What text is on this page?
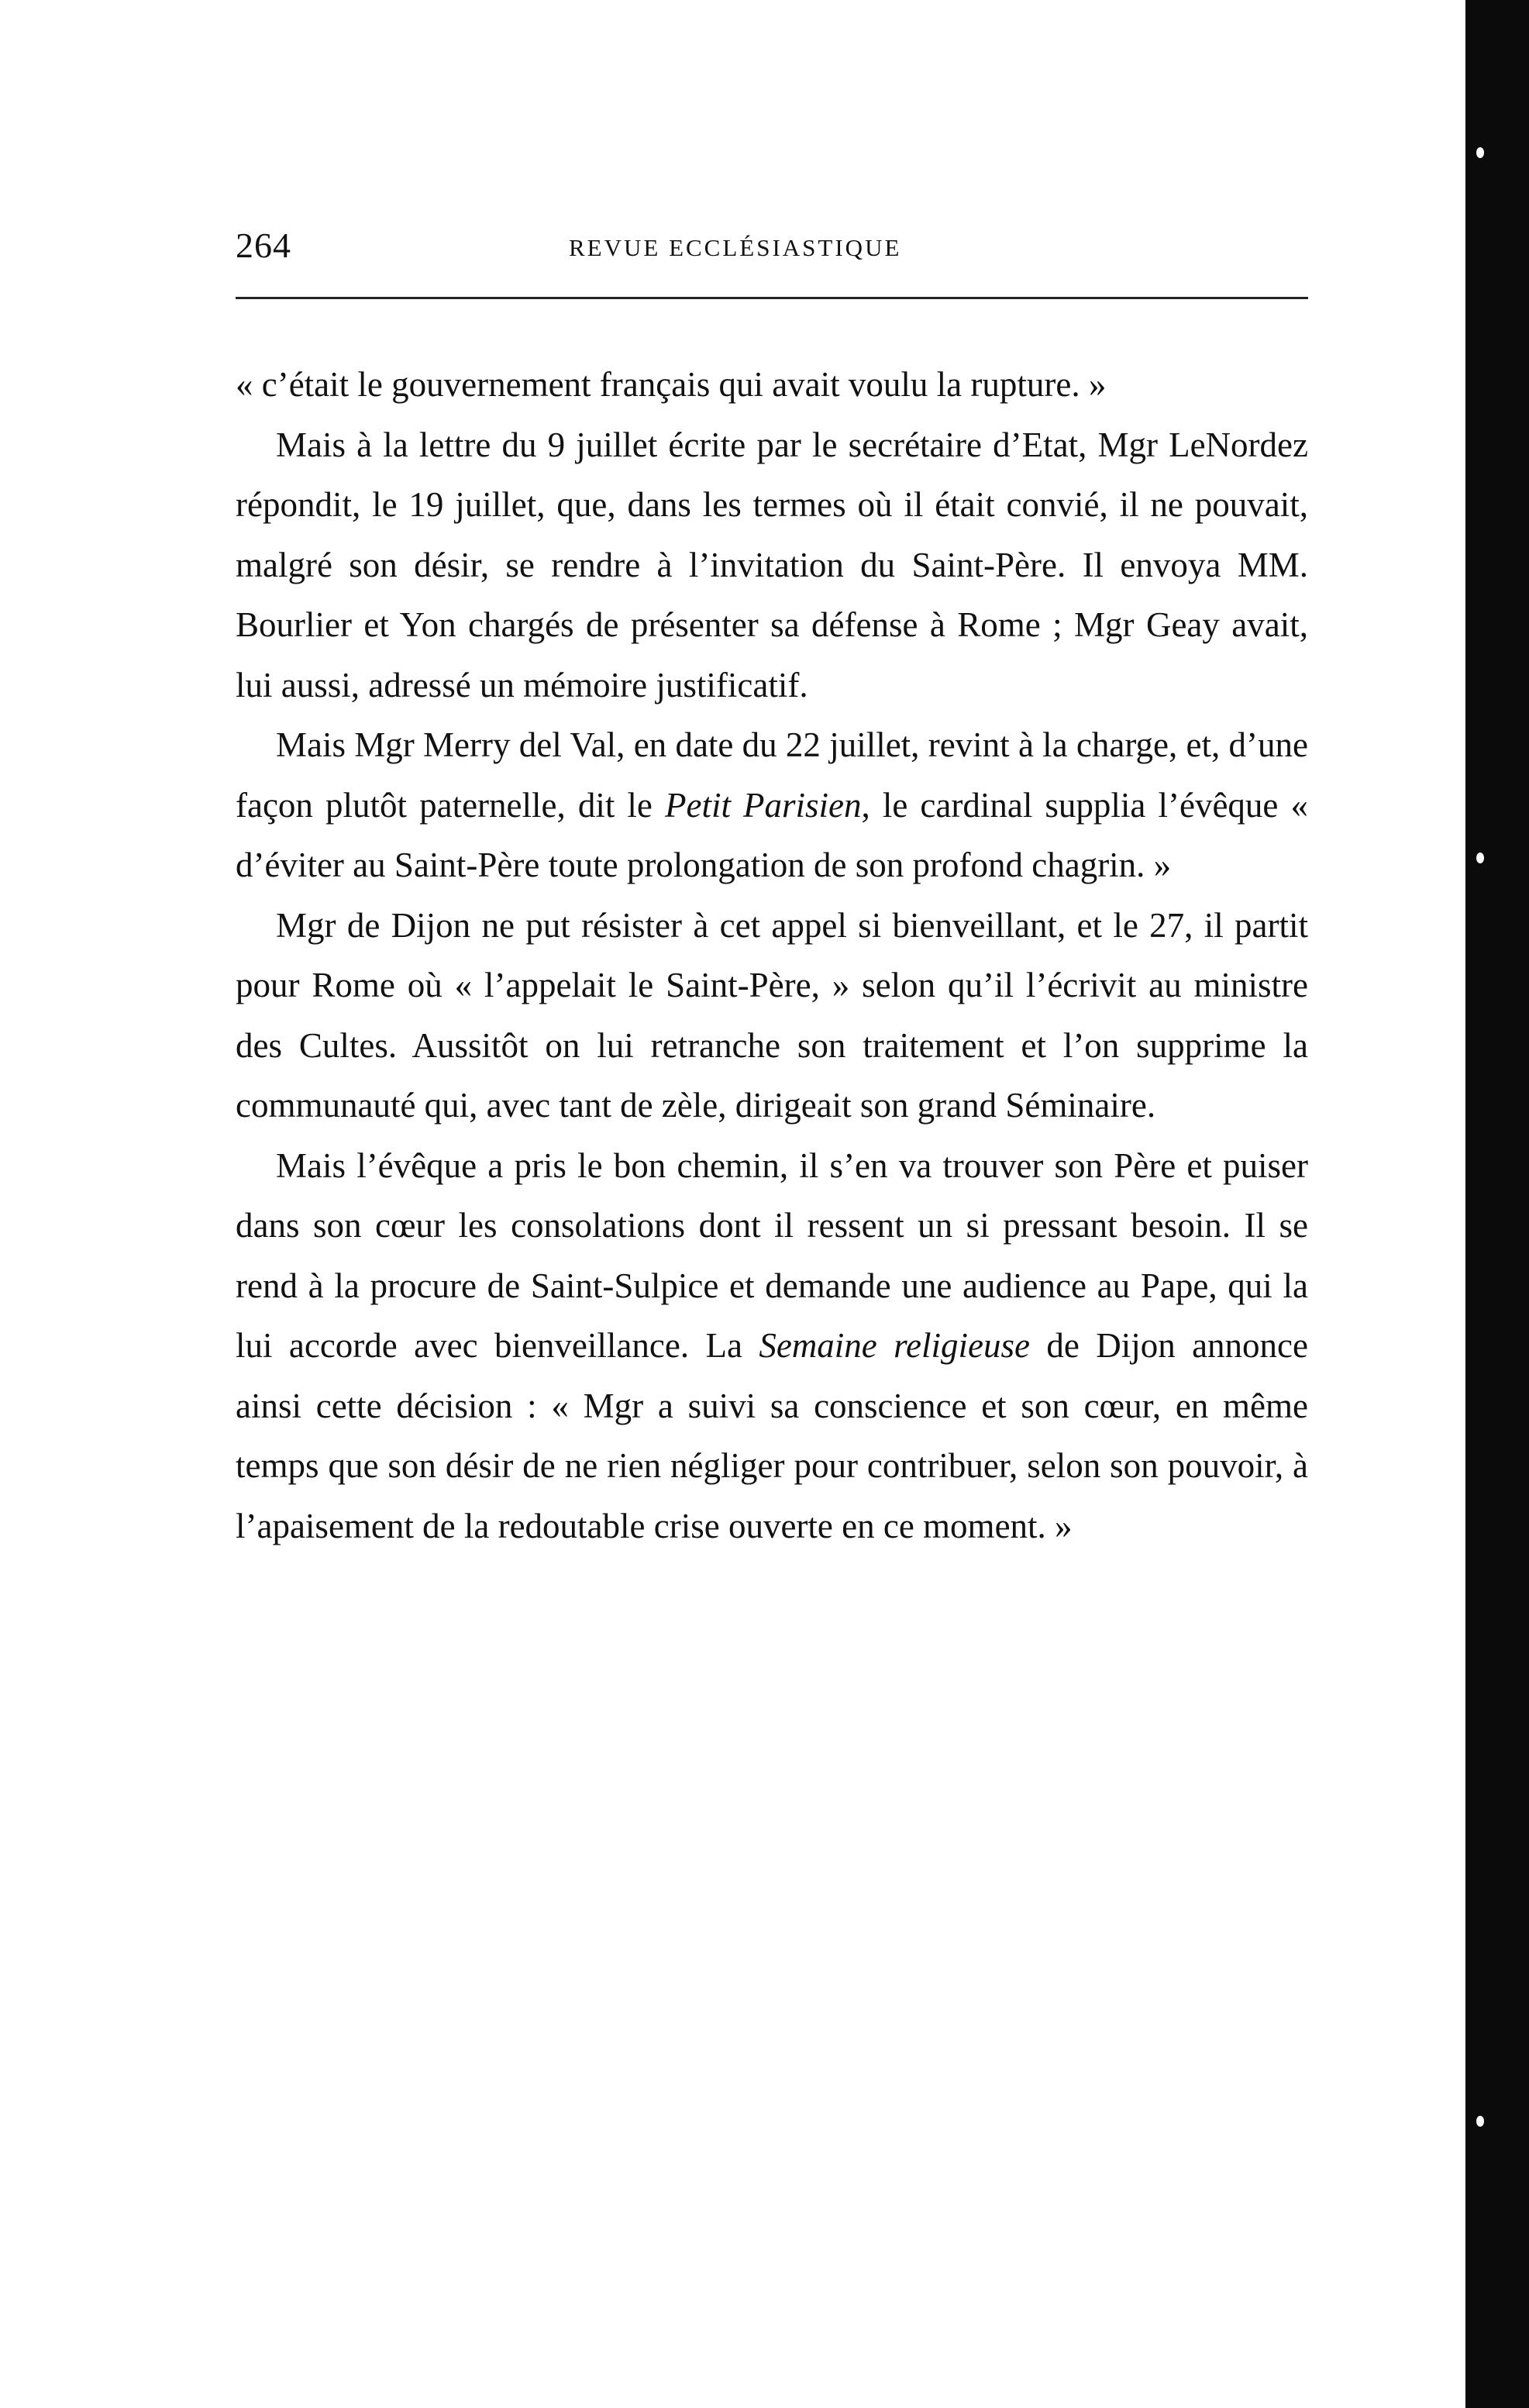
264	REVUE ECCLÉSIASTIQUE

« c’était le gouvernement français qui avait voulu la rupture. »

Mais à la lettre du 9 juillet écrite par le secrétaire d’Etat, Mgr LeNordez répondit, le 19 juillet, que, dans les termes où il était convié, il ne pouvait, malgré son désir, se rendre à l’invitation du Saint-Père. Il envoya MM. Bourlier et Yon chargés de présenter sa défense à Rome ; Mgr Geay avait, lui aussi, adressé un mémoire justificatif.

Mais Mgr Merry del Val, en date du 22 juillet, revint à la charge, et, d’une façon plutôt paternelle, dit le Petit Parisien, le cardinal supplia l’évêque « d’éviter au Saint-Père toute prolongation de son profond chagrin. »

Mgr de Dijon ne put résister à cet appel si bienveillant, et le 27, il partit pour Rome où « l’appelait le Saint-Père, » selon qu’il l’écrivit au ministre des Cultes. Aussitôt on lui retranche son traitement et l’on supprime la communauté qui, avec tant de zèle, dirigeait son grand Séminaire.

Mais l’évêque a pris le bon chemin, il s’en va trouver son Père et puiser dans son cœur les consolations dont il ressent un si pressant besoin. Il se rend à la procure de Saint-Sulpice et demande une audience au Pape, qui la lui accorde avec bienveillance. La Semaine religieuse de Dijon annonce ainsi cette décision : « Mgr a suivi sa conscience et son cœur, en même temps que son désir de ne rien négliger pour contribuer, selon son pouvoir, à l’apaisement de la redoutable crise ouverte en ce moment. »
